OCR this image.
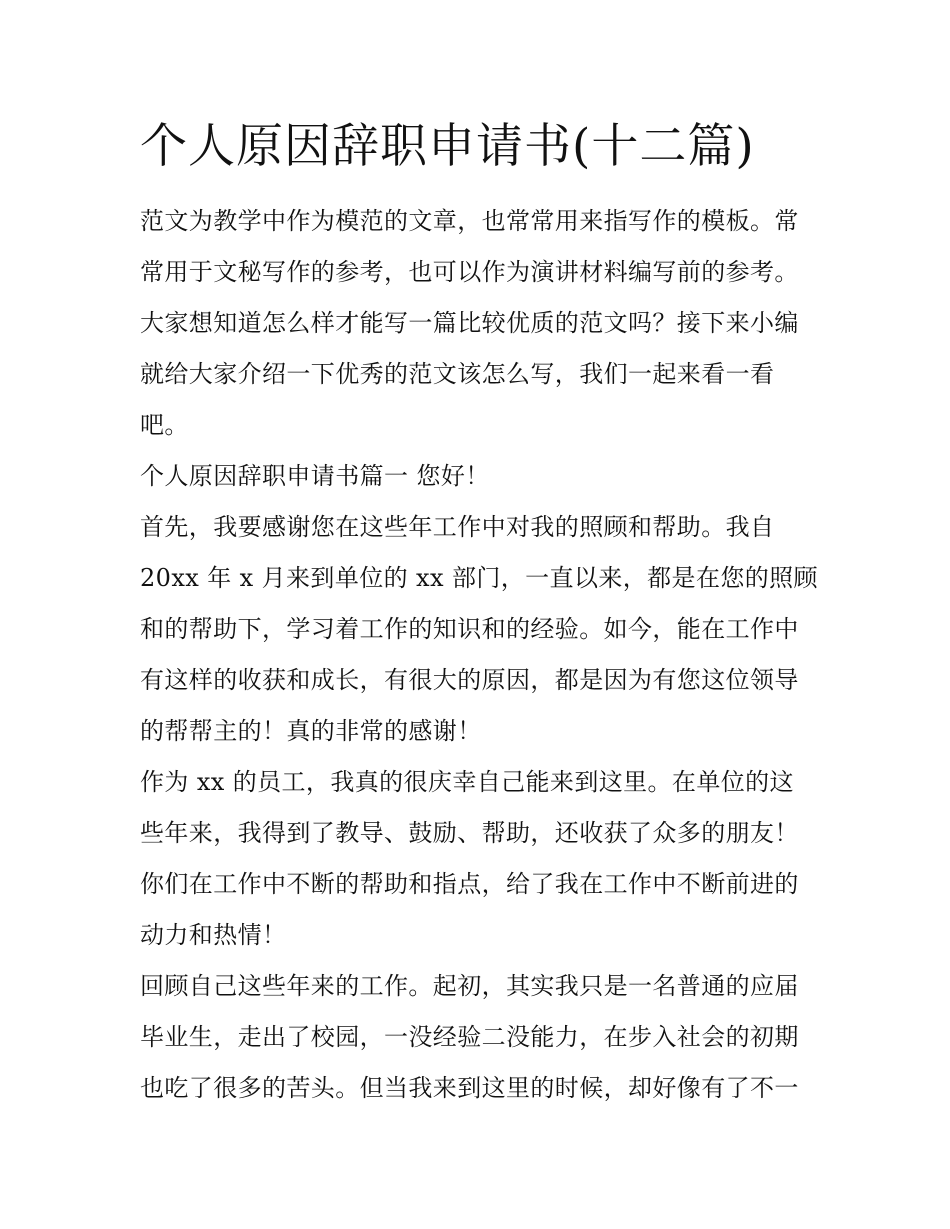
个人原因辞职申请书(十二篇)
范文为教学中作为模范的文章，也常常用来指写作的模板。常
常用于文秘写作的参考，也可以作为演讲材料编写前的参考。
大家想知道怎么样才能写一篇比较优质的范文吗？接下来小编
就给大家介绍一下优秀的范文该怎么写，我们一起来看一看
吧。
个人原因辞职申请书篇一 您好！
首先，我要感谢您在这些年工作中对我的照顾和帮助。我自
20xx 年 x 月来到单位的 xx 部门，一直以来，都是在您的照顾
和的帮助下，学习着工作的知识和的经验。如今，能在工作中
有这样的收获和成长，有很大的原因，都是因为有您这位领导
的帮帮主的！真的非常的感谢！
作为 xx 的员工，我真的很庆幸自己能来到这里。在单位的这
些年来，我得到了教导、鼓励、帮助，还收获了众多的朋友！
你们在工作中不断的帮助和指点，给了我在工作中不断前进的
动力和热情！
回顾自己这些年来的工作。起初，其实我只是一名普通的应届
毕业生，走出了校园，一没经验二没能力，在步入社会的初期
也吃了很多的苦头。但当我来到这里的时候，却好像有了不一
